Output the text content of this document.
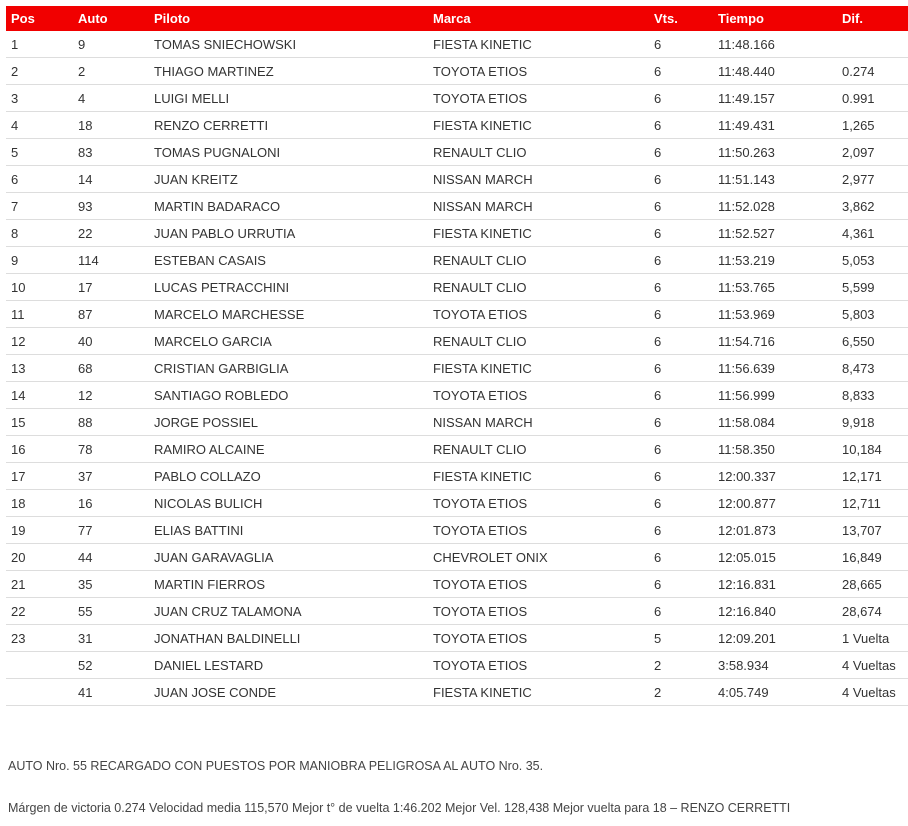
Pos	Auto	Piloto	Marca	Vts.	Tiempo	Dif.
1	9	TOMAS SNIECHOWSKI	FIESTA KINETIC	6	11:48.166	
2	2	THIAGO MARTINEZ	TOYOTA ETIOS	6	11:48.440	0.274
3	4	LUIGI MELLI	TOYOTA ETIOS	6	11:49.157	0.991
4	18	RENZO CERRETTI	FIESTA KINETIC	6	11:49.431	1,265
5	83	TOMAS PUGNALONI	RENAULT CLIO	6	11:50.263	2,097
6	14	JUAN KREITZ	NISSAN MARCH	6	11:51.143	2,977
7	93	MARTIN BADARACO	NISSAN MARCH	6	11:52.028	3,862
8	22	JUAN PABLO URRUTIA	FIESTA KINETIC	6	11:52.527	4,361
9	114	ESTEBAN CASAIS	RENAULT CLIO	6	11:53.219	5,053
10	17	LUCAS PETRACCHINI	RENAULT CLIO	6	11:53.765	5,599
11	87	MARCELO MARCHESSE	TOYOTA ETIOS	6	11:53.969	5,803
12	40	MARCELO GARCIA	RENAULT CLIO	6	11:54.716	6,550
13	68	CRISTIAN GARBIGLIA	FIESTA KINETIC	6	11:56.639	8,473
14	12	SANTIAGO ROBLEDO	TOYOTA ETIOS	6	11:56.999	8,833
15	88	JORGE POSSIEL	NISSAN MARCH	6	11:58.084	9,918
16	78	RAMIRO ALCAINE	RENAULT CLIO	6	11:58.350	10,184
17	37	PABLO COLLAZO	FIESTA KINETIC	6	12:00.337	12,171
18	16	NICOLAS BULICH	TOYOTA ETIOS	6	12:00.877	12,711
19	77	ELIAS BATTINI	TOYOTA ETIOS	6	12:01.873	13,707
20	44	JUAN GARAVAGLIA	CHEVROLET ONIX	6	12:05.015	16,849
21	35	MARTIN FIERROS	TOYOTA ETIOS	6	12:16.831	28,665
22	55	JUAN CRUZ TALAMONA	TOYOTA ETIOS	6	12:16.840	28,674
23	31	JONATHAN BALDINELLI	TOYOTA ETIOS	5	12:09.201	1 Vuelta
	52	DANIEL LESTARD	TOYOTA ETIOS	2	3:58.934	4 Vueltas
	41	JUAN JOSE CONDE	FIESTA KINETIC	2	4:05.749	4 Vueltas
AUTO Nro. 55 RECARGADO CON PUESTOS POR MANIOBRA PELIGROSA AL AUTO Nro. 35.
Márgen de victoria 0.274 Velocidad media 115,570 Mejor t° de vuelta 1:46.202 Mejor Vel. 128,438 Mejor vuelta para 18 – RENZO CERRETTI
